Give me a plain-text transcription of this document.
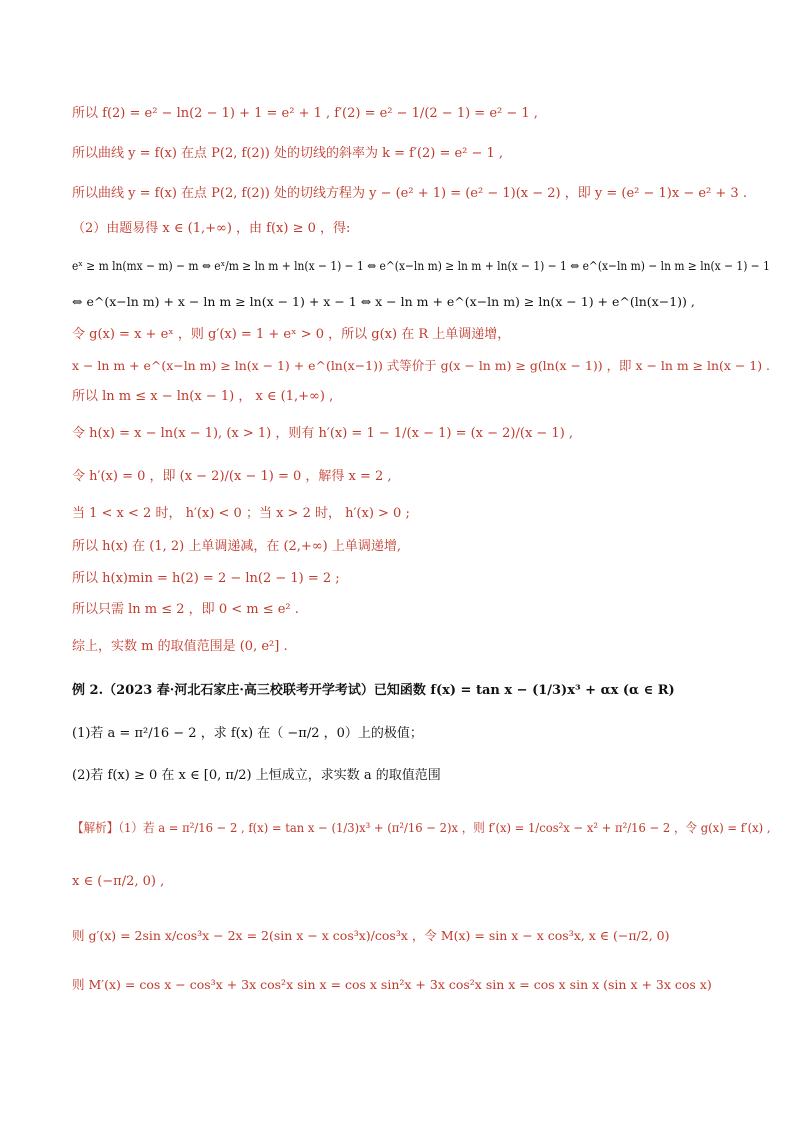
所以 f(2) = e² − ln(2 − 1) + 1 = e² + 1 , f′(2) = e² − 1/(2 − 1) = e² − 1 ,
所以曲线 y = f(x) 在点 P(2, f(2)) 处的切线的斜率为 k = f′(2) = e² − 1 ,
所以曲线 y = f(x) 在点 P(2, f(2)) 处的切线方程为 y − (e² + 1) = (e² − 1)(x − 2) ，即 y = (e² − 1)x − e² + 3 .
（2）由题易得 x ∈ (1,+∞) ，由 f(x) ≥ 0 ，得:
eˣ ≥ m ln(mx − m) − m ⇔ eˣ/m ≥ ln m + ln(x − 1) − 1 ⇔ e^(x−ln m) ≥ ln m + ln(x − 1) − 1 ⇔ e^(x−ln m) − ln m ≥ ln(x − 1) − 1
⇔ e^(x−ln m) + x − ln m ≥ ln(x − 1) + x − 1 ⇔ x − ln m + e^(x−ln m) ≥ ln(x − 1) + e^(ln(x−1)) ,
令 g(x) = x + eˣ ，则 g′(x) = 1 + eˣ > 0 ，所以 g(x) 在 R 上单调递增，
x − ln m + e^(x−ln m) ≥ ln(x − 1) + e^(ln(x−1)) 式等价于 g(x − ln m) ≥ g(ln(x − 1)) ，即 x − ln m ≥ ln(x − 1) .
所以 ln m ≤ x − ln(x − 1) ， x ∈ (1,+∞) ,
令 h(x) = x − ln(x − 1), (x > 1) ，则有 h′(x) = 1 − 1/(x − 1) = (x − 2)/(x − 1) ,
令 h′(x) = 0 ，即 (x − 2)/(x − 1) = 0 ，解得 x = 2 ,
当 1 < x < 2 时， h′(x) < 0 ；当 x > 2 时， h′(x) > 0 ;
所以 h(x) 在 (1, 2) 上单调递减，在 (2,+∞) 上单调递增,
所以 h(x)min = h(2) = 2 − ln(2 − 1) = 2 ;
所以只需 ln m ≤ 2 ，即 0 < m ≤ e² .
综上，实数 m 的取值范围是 (0, e²] .
例 2.（2023 春·河北石家庄·高三校联考开学考试）已知函数 f(x) = tan x − (1/3)x³ + αx (α ∈ R)
(1)若 a = π²/16 − 2 ，求 f(x) 在（ −π/2 ，0）上的极值；
(2)若 f(x) ≥ 0 在 x ∈ [0, π/2) 上恒成立，求实数 a 的取值范围
【解析】（1）若 a = π²/16 − 2 , f(x) = tan x − (1/3)x³ + (π²/16 − 2)x ，则 f′(x) = 1/cos²x − x² + π²/16 − 2 ，令 g(x) = f′(x) ,
x ∈ (−π/2, 0) ,
则 g′(x) = 2sin x/cos³x − 2x = 2(sin x − x cos³x)/cos³x ，令 M(x) = sin x − x cos³x, x ∈ (−π/2, 0)
则 M′(x) = cos x − cos³x + 3x cos²x sin x = cos x sin²x + 3x cos²x sin x = cos x sin x (sin x + 3x cos x)
